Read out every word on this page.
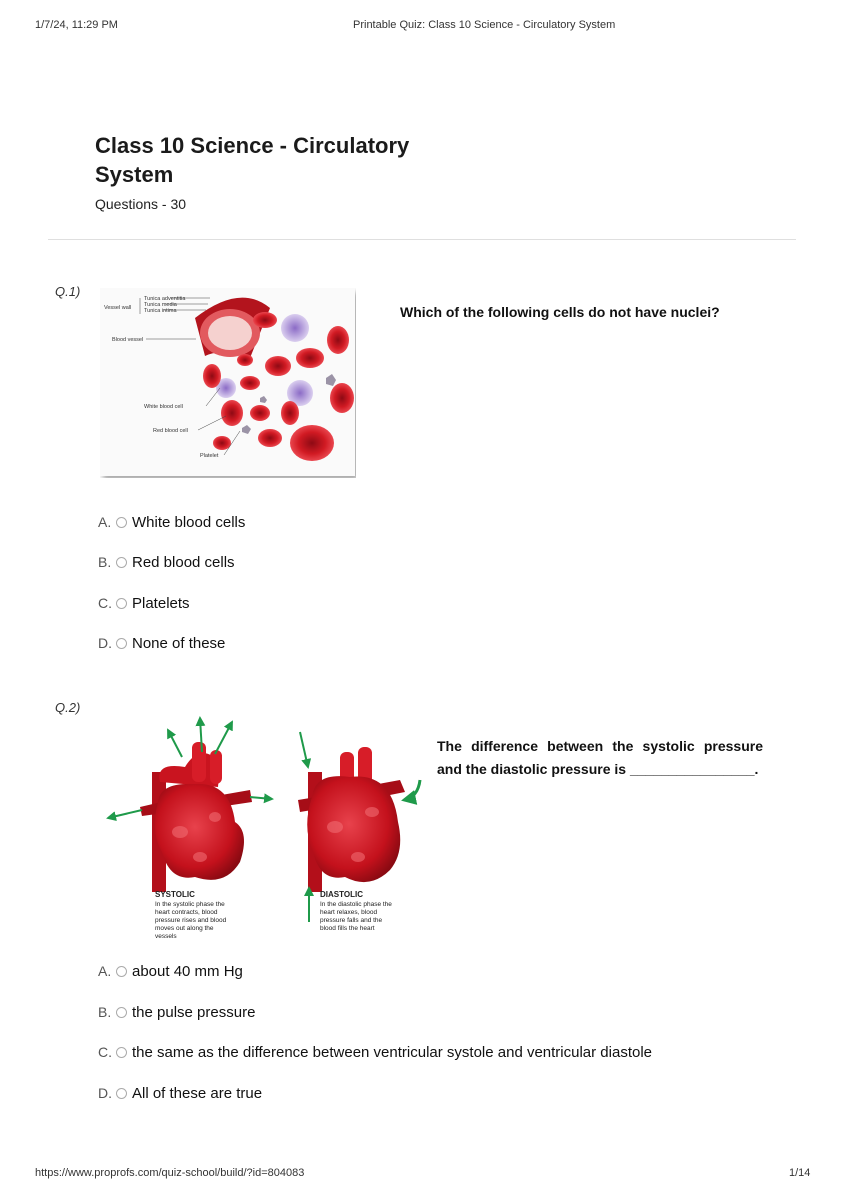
1/7/24, 11:29 PM	Printable Quiz: Class 10 Science - Circulatory System
Class 10 Science - Circulatory System
Questions - 30
Q.1)
Vessel wall
Tunica adventitia
Tunica media
Tunica intima
Blood vessel
White blood cell
Red blood cell
Platelet
Which of the following cells do not have nuclei?
A.	White blood cells
B.	Red blood cells
C. Platelets
D. None of these
Q.2)
SYSTOLIC
In the systolic phase the
heart contracts, blood
pressure rises and blood
moves out along the
vessels
DIASTOLIC
In the diastolic phase the
heart relaxes, blood
pressure falls and the
blood fills the heart
The difference between the systolic pressure and the diastolic pressure is ________________.
A.	about 40 mm Hg
B.	the pulse pressure
C. the same as the difference between ventricular systole and ventricular diastole
D. All of these are true
https://www.proprofs.com/quiz-school/build/?id=804083	1/14
